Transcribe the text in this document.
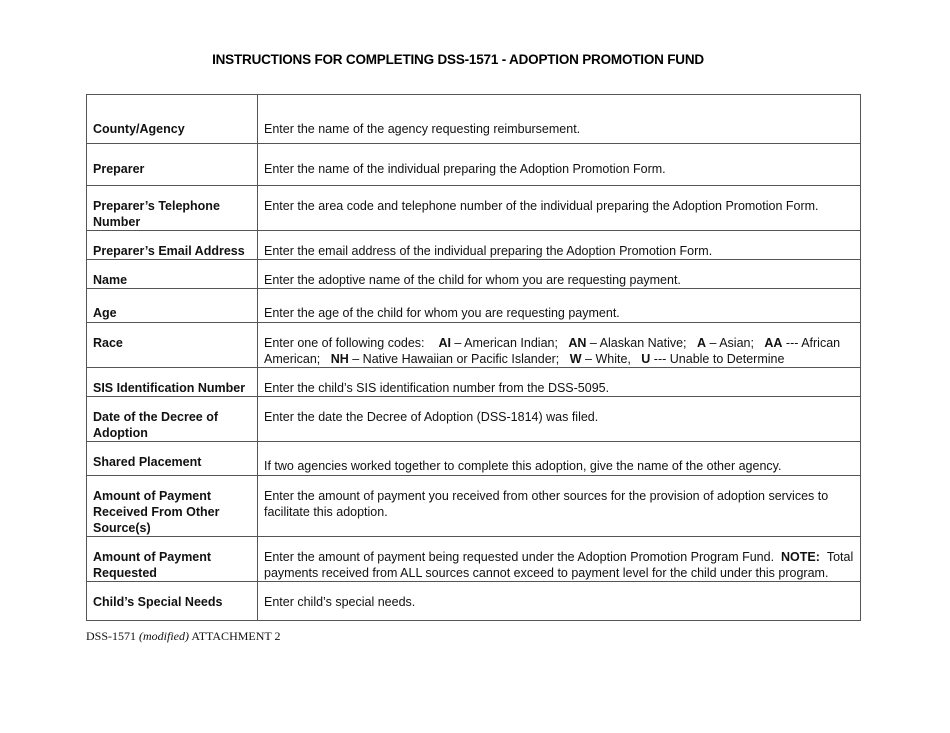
INSTRUCTIONS FOR COMPLETING DSS-1571 - ADOPTION PROMOTION FUND
County/Agency	Enter the name of the agency requesting reimbursement.
Preparer	Enter the name of the individual preparing the Adoption Promotion Form.
Preparer’s Telephone Number	Enter the area code and telephone number of the individual preparing the Adoption Promotion Form.
Preparer’s Email Address	Enter the email address of the individual preparing the Adoption Promotion Form.
Name	Enter the adoptive name of the child for whom you are requesting payment.
Age	Enter the age of the child for whom you are requesting payment.
Race	Enter one of following codes: AI – American Indian; AN – Alaskan Native; A – Asian; AA --- African American; NH – Native Hawaiian or Pacific Islander; W – White, U --- Unable to Determine
SIS Identification Number	Enter the child’s SIS identification number from the DSS-5095.
Date of the Decree of Adoption	Enter the date the Decree of Adoption (DSS-1814) was filed.
Shared Placement	If two agencies worked together to complete this adoption, give the name of the other agency.
Amount of Payment Received From Other Source(s)	Enter the amount of payment you received from other sources for the provision of adoption services to facilitate this adoption.
Amount of Payment Requested	Enter the amount of payment being requested under the Adoption Promotion Program Fund. NOTE: Total payments received from ALL sources cannot exceed to payment level for the child under this program.
Child’s Special Needs	Enter child’s special needs.
DSS-1571 (modified) ATTACHMENT 2
